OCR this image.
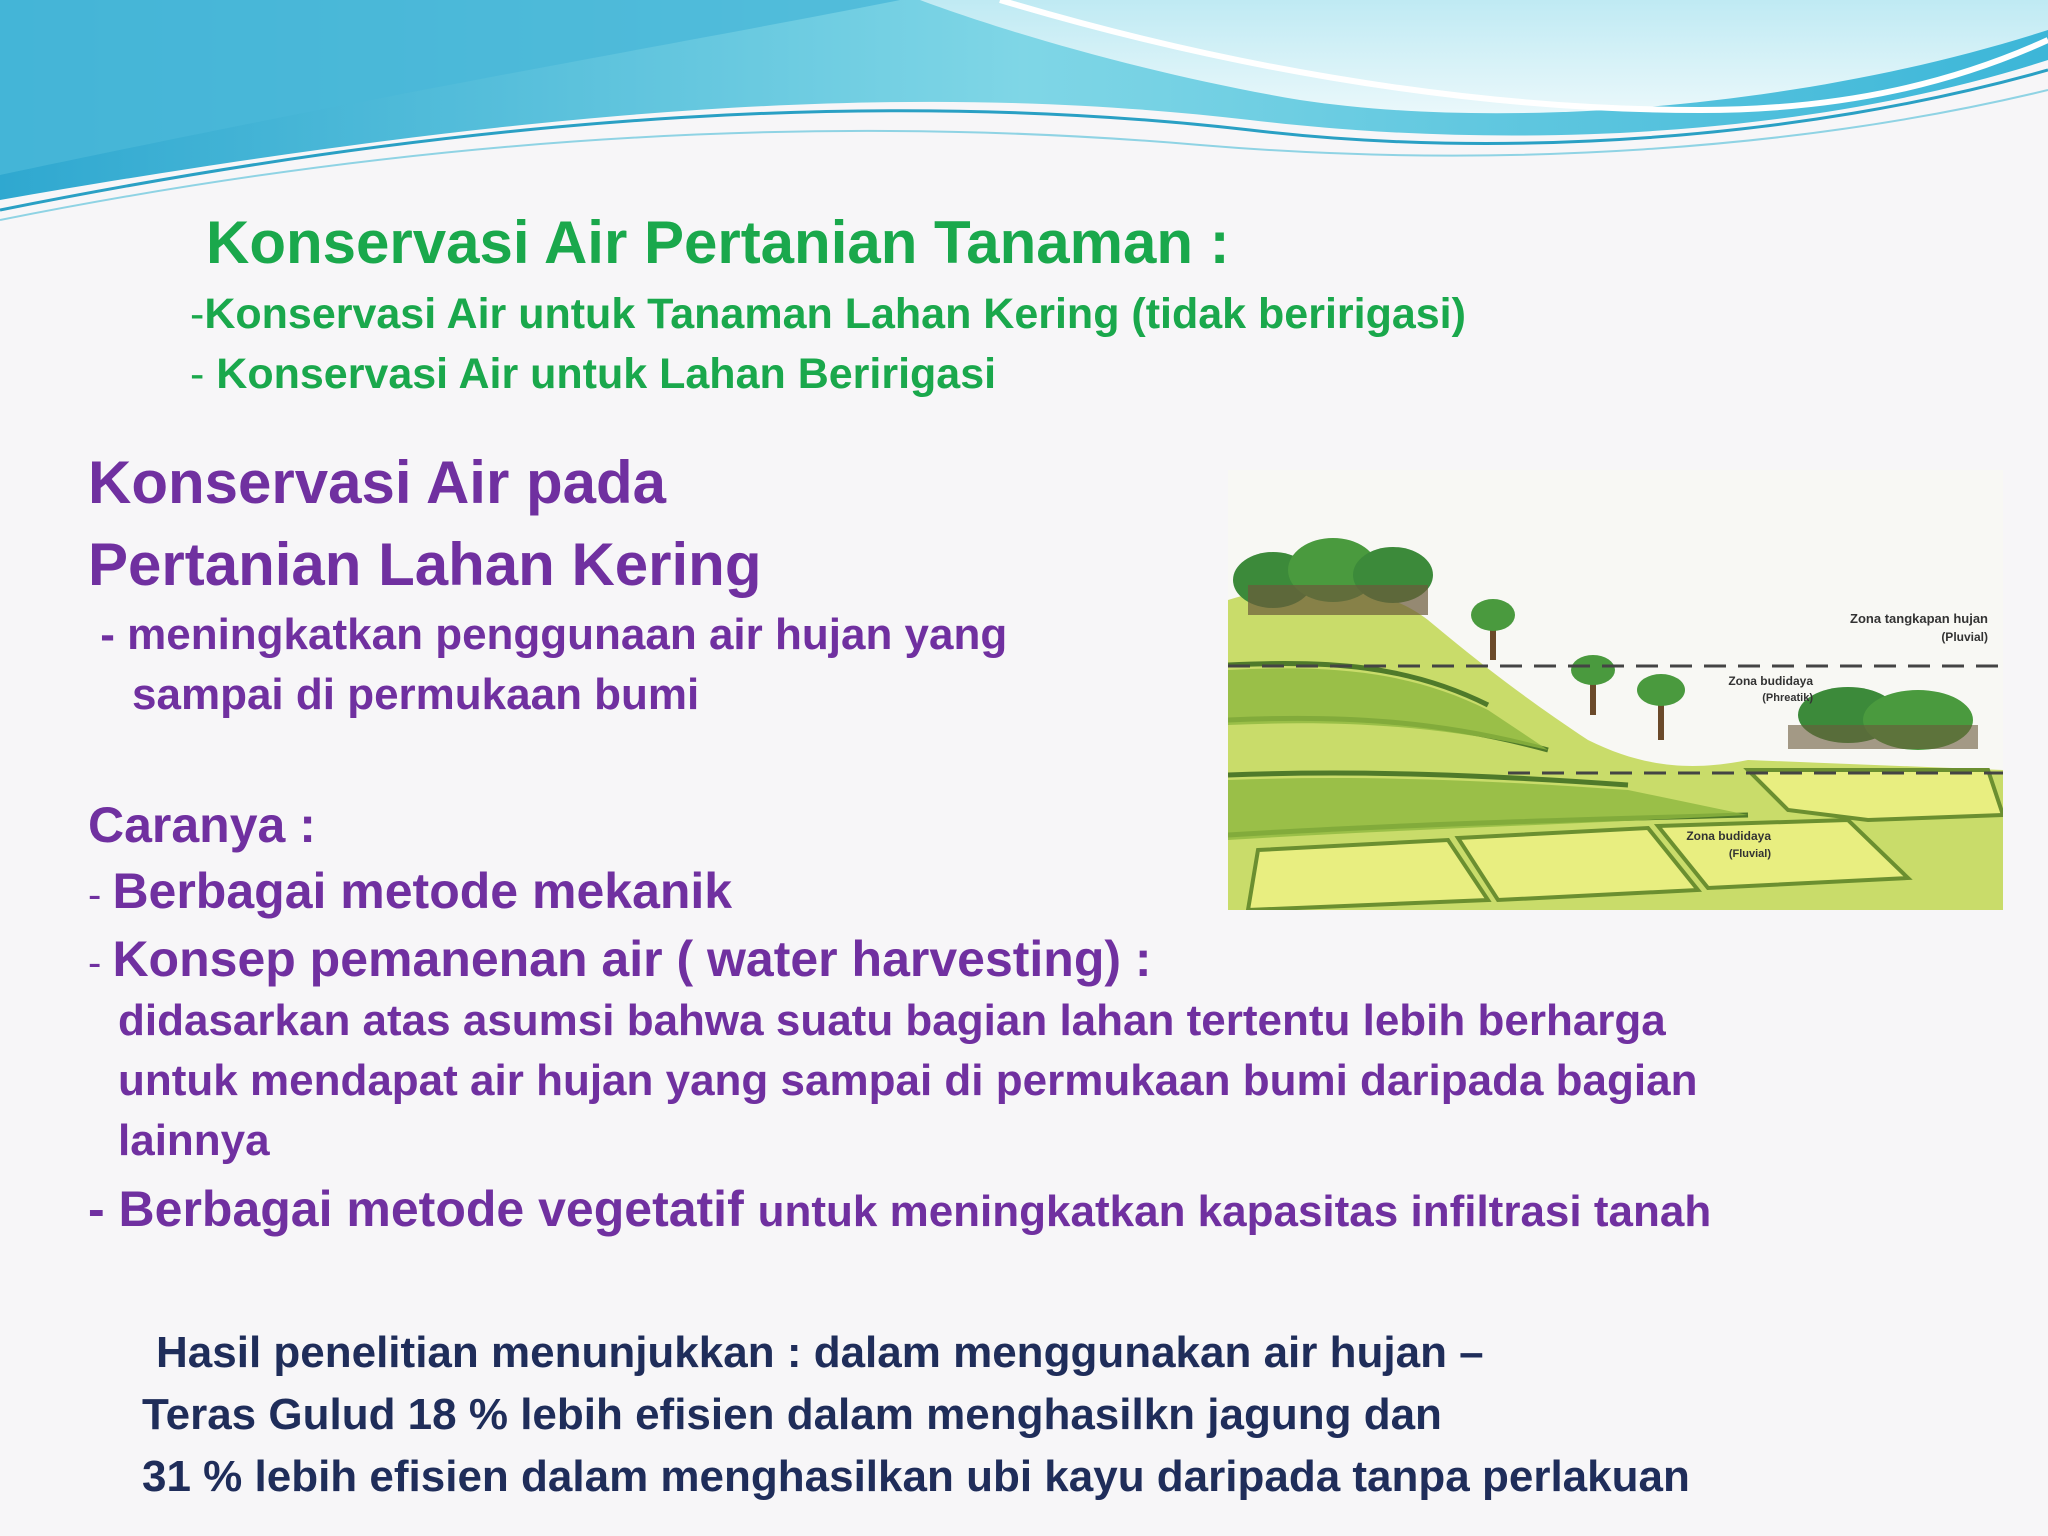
Konservasi Air Pertanian Tanaman :
-Konservasi Air untuk Tanaman Lahan Kering (tidak beririgasi)
- Konservasi Air untuk Lahan Beririgasi
Konservasi Air pada
Pertanian Lahan Kering
- meningkatkan penggunaan air hujan yang
sampai di permukaan bumi
Caranya :
- Berbagai metode mekanik
- Konsep pemanenan air ( water harvesting) :
didasarkan atas asumsi bahwa suatu bagian lahan tertentu lebih berharga
untuk mendapat air hujan yang sampai di permukaan bumi daripada bagian
lainnya
- Berbagai metode vegetatif untuk meningkatkan kapasitas infiltrasi tanah
Hasil penelitian menunjukkan : dalam menggunakan air hujan –
Teras Gulud 18 % lebih efisien dalam menghasilkn jagung dan
31 % lebih efisien dalam menghasilkan ubi kayu daripada tanpa perlakuan
Zona tangkapan hujan
(Pluvial)
Zona budidaya
(Phreatik)
Zona budidaya
(Fluvial)
